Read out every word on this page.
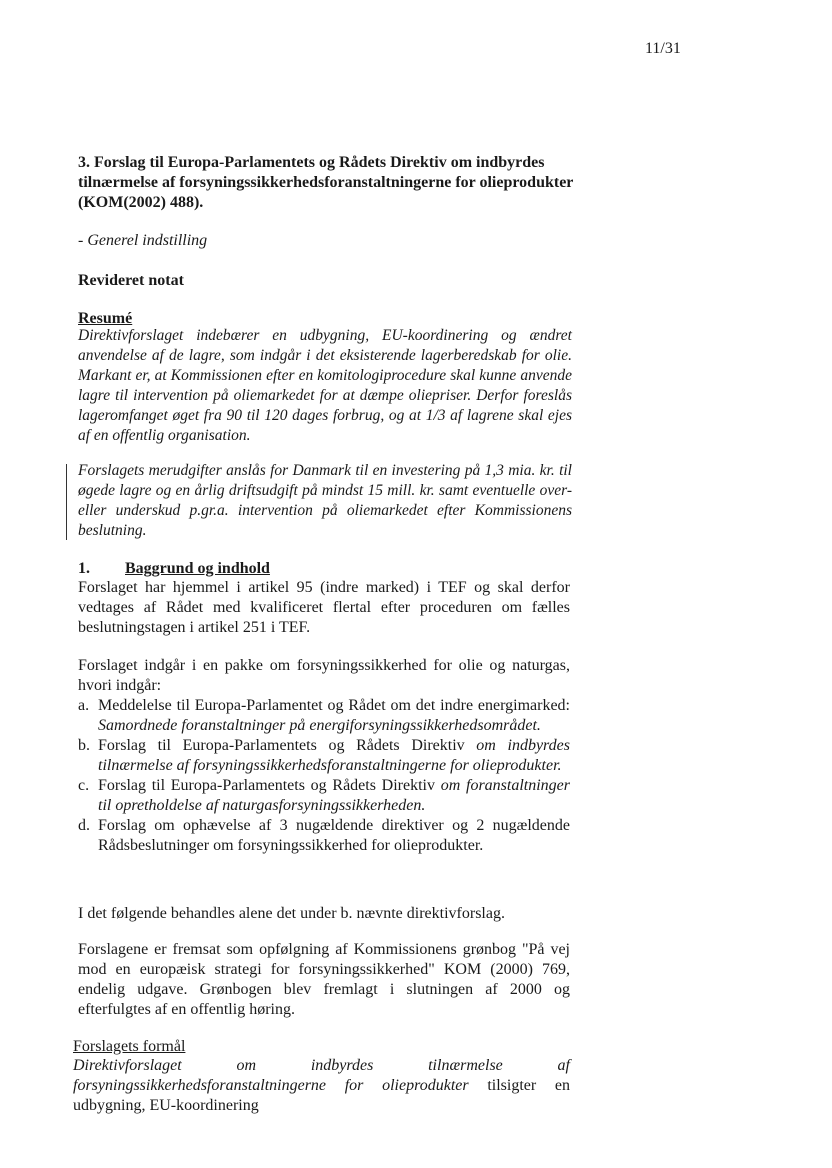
11/31
3. Forslag til Europa-Parlamentets og Rådets Direktiv om indbyrdes tilnærmelse af forsyningssikkerhedsforanstaltningerne for olieprodukter (KOM(2002) 488).
- Generel indstilling
Revideret notat
Resumé
Direktivforslaget indebærer en udbygning, EU-koordinering og ændret anvendelse af de lagre, som indgår i det eksisterende lagerberedskab for olie. Markant er, at Kommissionen efter en komitologiprocedure skal kunne anvende lagre til intervention på oliemarkedet for at dæmpe oliepriser. Derfor foreslås lageromfanget øget fra 90 til 120 dages forbrug, og at 1/3 af lagrene skal ejes af en offentlig organisation.
Forslagets merudgifter anslås for Danmark til en investering på 1,3 mia. kr. til øgede lagre og en årlig driftsudgift på mindst 15 mill. kr. samt eventuelle over- eller underskud p.gr.a. intervention på oliemarkedet efter Kommissionens beslutning.
1. Baggrund og indhold
Forslaget har hjemmel i artikel 95 (indre marked) i TEF og skal derfor vedtages af Rådet med kvalificeret flertal efter proceduren om fælles beslutningstagen i artikel 251 i TEF.
Forslaget indgår i en pakke om forsyningssikkerhed for olie og naturgas, hvori indgår:
a. Meddelelse til Europa-Parlamentet og Rådet om det indre energimarked: Samordnede foranstaltninger på energiforsyningssikkerhedsområdet.
b. Forslag til Europa-Parlamentets og Rådets Direktiv om indbyrdes tilnærmelse af forsyningssikkerhedsforanstaltningerne for olieprodukter.
c. Forslag til Europa-Parlamentets og Rådets Direktiv om foranstaltninger til opretholdelse af naturgasforsyningssikkerheden.
d. Forslag om ophævelse af 3 nugældende direktiver og 2 nugældende Rådsbeslutninger om forsyningssikkerhed for olieprodukter.
I det følgende behandles alene det under b. nævnte direktivforslag.
Forslagene er fremsat som opfølgning af Kommissionens grønbog "På vej mod en europæisk strategi for forsyningssikkerhed" KOM (2000) 769, endelig udgave. Grønbogen blev fremlagt i slutningen af 2000 og efterfulgtes af en offentlig høring.
Forslagets formål
Direktivforslaget om indbyrdes tilnærmelse af forsyningssikkerhedsforanstaltningerne for olieprodukter tilsigter en udbygning, EU-koordinering
